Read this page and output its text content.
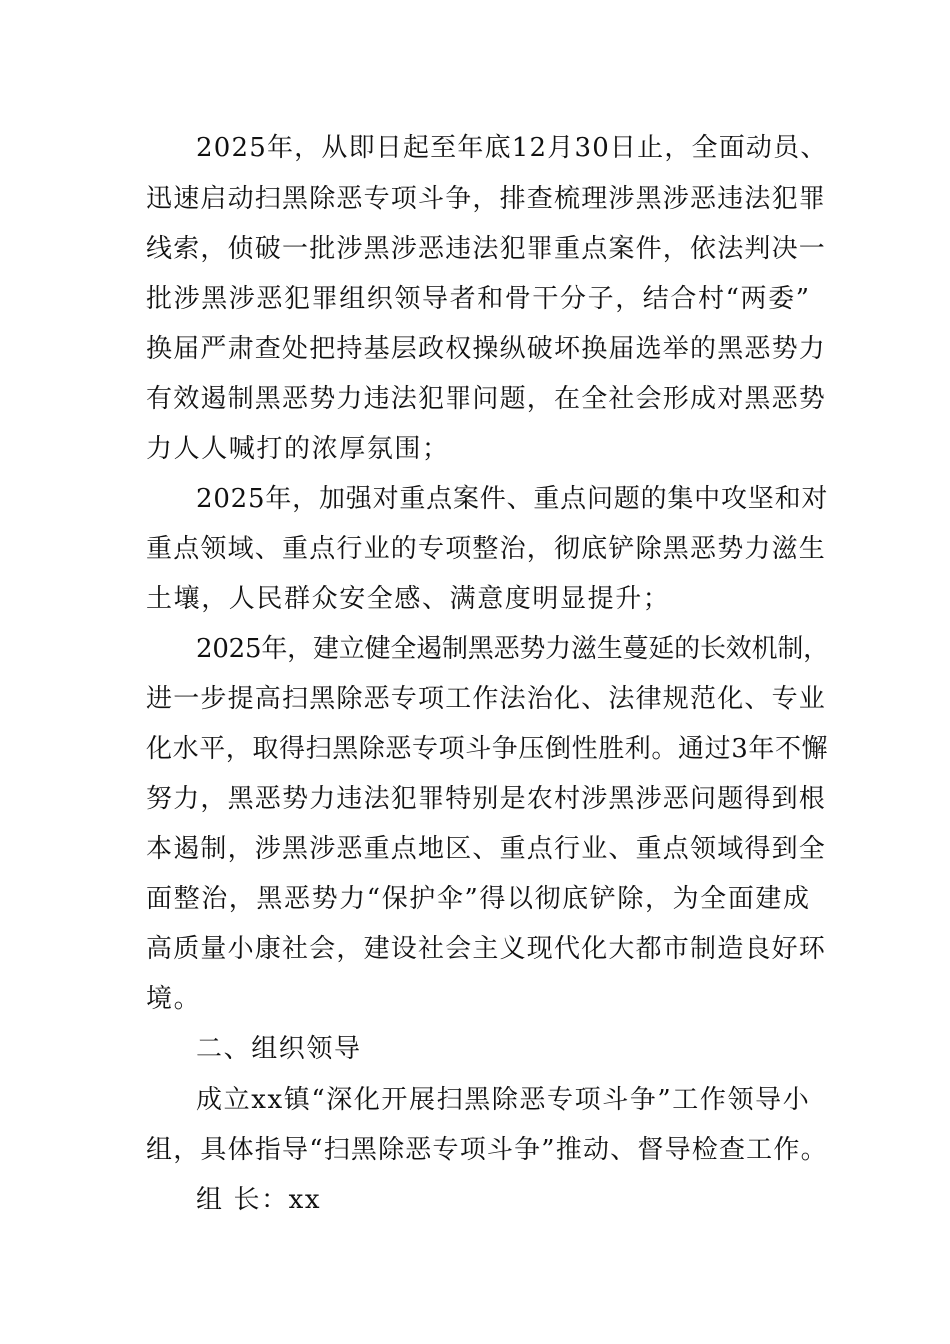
2025年，从即日起至年底12月30日止，全面动员、
迅速启动扫黑除恶专项斗争，排查梳理涉黑涉恶违法犯罪
线索，侦破一批涉黑涉恶违法犯罪重点案件，依法判决一
批涉黑涉恶犯罪组织领导者和骨干分子，结合村“两委”
换届严肃查处把持基层政权操纵破坏换届选举的黑恶势力
有效遏制黑恶势力违法犯罪问题，在全社会形成对黑恶势
力人人喊打的浓厚氛围；
2025年，加强对重点案件、重点问题的集中攻坚和对
重点领域、重点行业的专项整治，彻底铲除黑恶势力滋生
土壤，人民群众安全感、满意度明显提升；
2025年，建立健全遏制黑恶势力滋生蔓延的长效机制，
进一步提高扫黑除恶专项工作法治化、法律规范化、专业
化水平，取得扫黑除恶专项斗争压倒性胜利。通过3年不懈
努力，黑恶势力违法犯罪特别是农村涉黑涉恶问题得到根
本遏制，涉黑涉恶重点地区、重点行业、重点领域得到全
面整治，黑恶势力“保护伞”得以彻底铲除，为全面建成
高质量小康社会，建设社会主义现代化大都市制造良好环
境。
二、组织领导
成立xx镇“深化开展扫黑除恶专项斗争”工作领导小
组，具体指导“扫黑除恶专项斗争”推动、督导检查工作。
组 长：xx
